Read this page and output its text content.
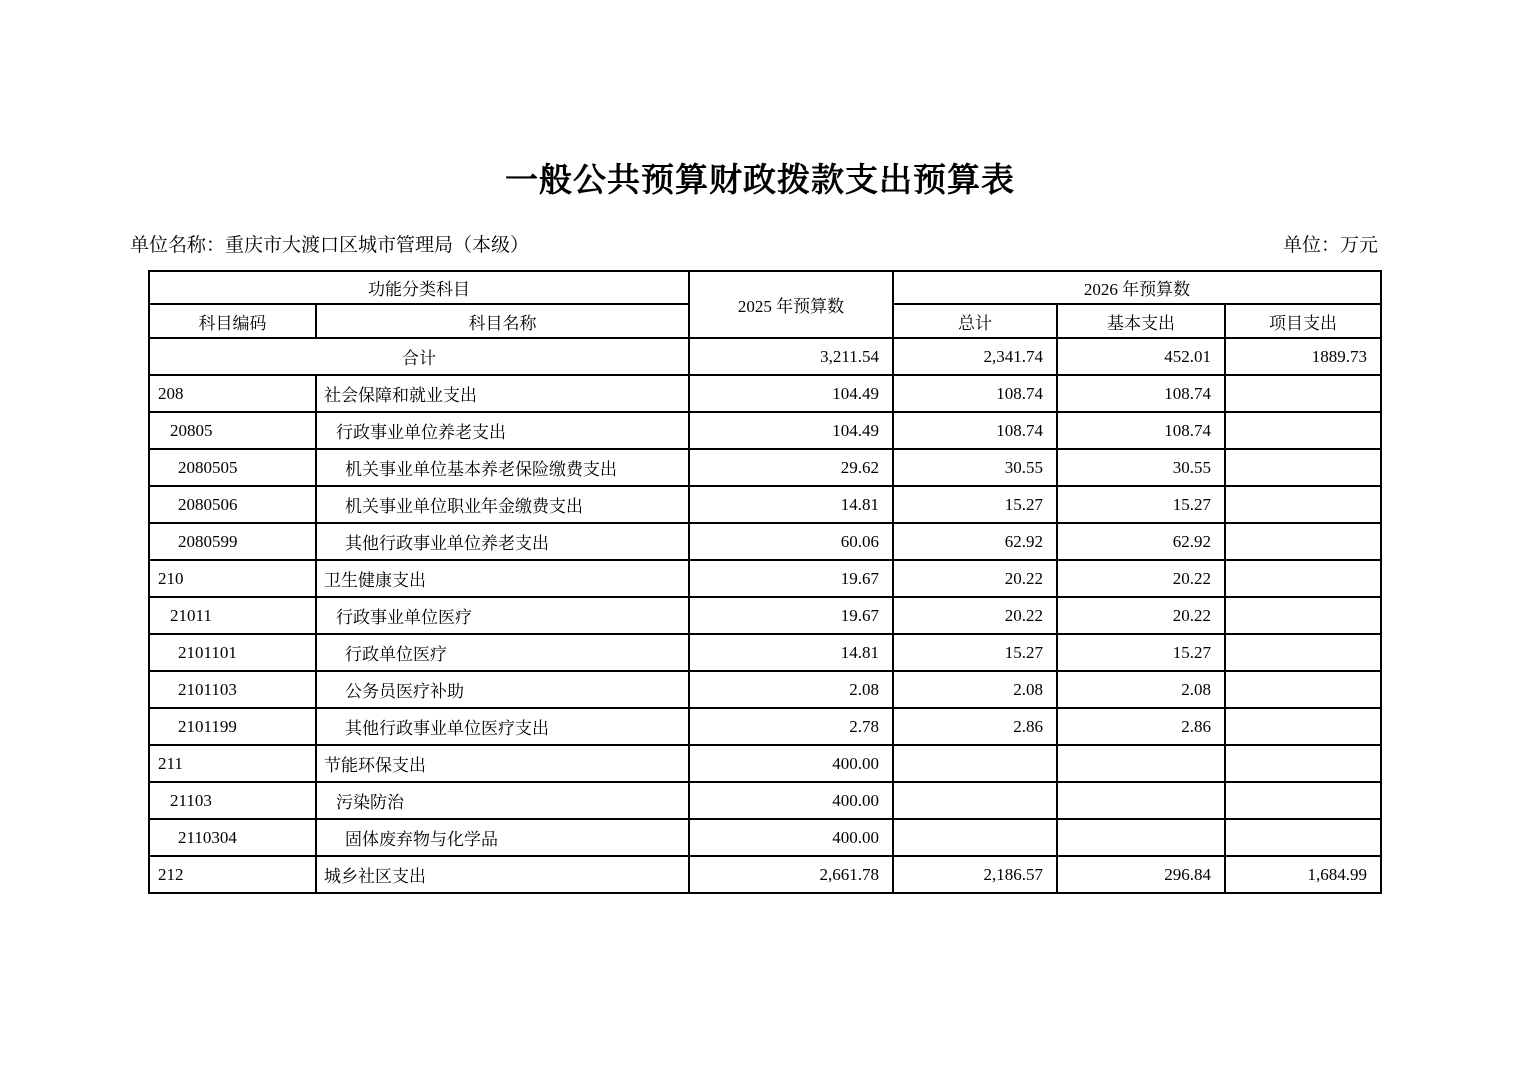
一般公共预算财政拨款支出预算表
单位名称：重庆市大渡口区城市管理局（本级）	单位：万元
功能分类科目		2025 年预算数	2026 年预算数		
科目编码	科目名称		总计	基本支出	项目支出
合计		3,211.54	2,341.74	452.01	1889.73
208	社会保障和就业支出	104.49	108.74	108.74	
20805	行政事业单位养老支出	104.49	108.74	108.74	
2080505	机关事业单位基本养老保险缴费支出	29.62	30.55	30.55	
2080506	机关事业单位职业年金缴费支出	14.81	15.27	15.27	
2080599	其他行政事业单位养老支出	60.06	62.92	62.92	
210	卫生健康支出	19.67	20.22	20.22	
21011	行政事业单位医疗	19.67	20.22	20.22	
2101101	行政单位医疗	14.81	15.27	15.27	
2101103	公务员医疗补助	2.08	2.08	2.08	
2101199	其他行政事业单位医疗支出	2.78	2.86	2.86	
211	节能环保支出	400.00			
21103	污染防治	400.00			
2110304	固体废弃物与化学品	400.00			
212	城乡社区支出	2,661.78	2,186.57	296.84	1,684.99
